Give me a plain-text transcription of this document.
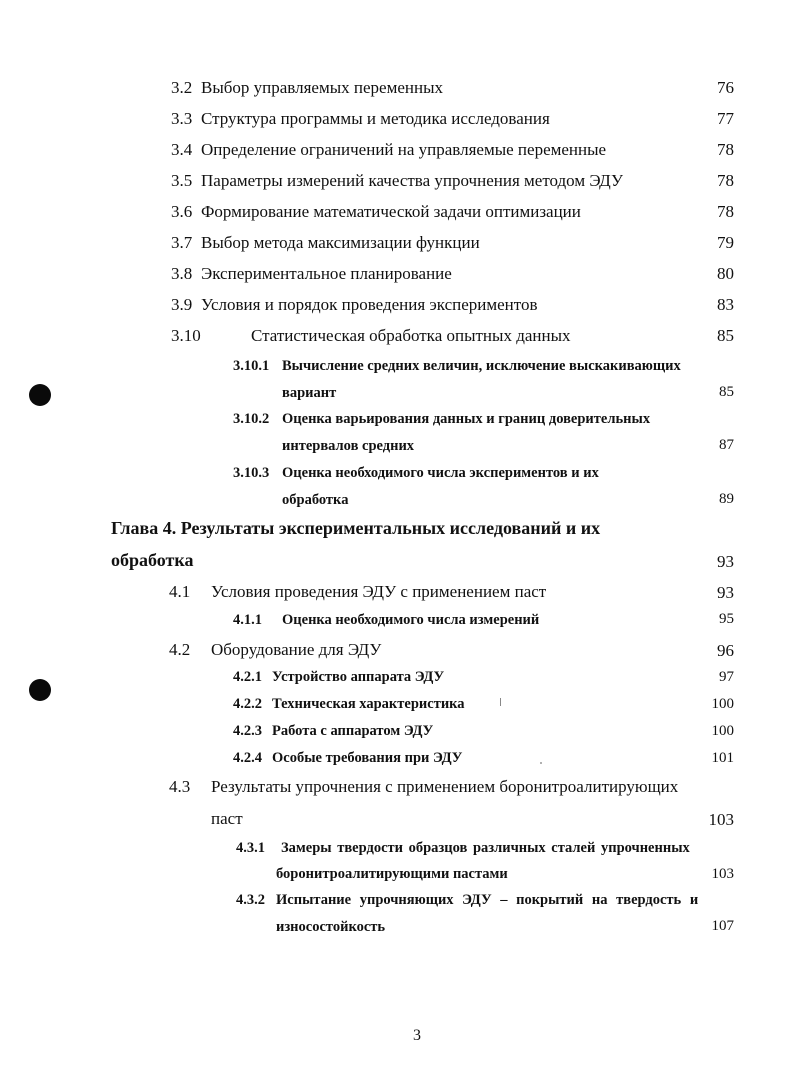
3.2 Выбор управляемых переменных	76
3.3 Структура программы и методика исследования	77
3.4 Определение ограничений на управляемые переменные	78
3.5 Параметры измерений качества упрочнения методом ЭДУ	78
3.6 Формирование математической задачи оптимизации	78
3.7 Выбор метода максимизации функции	79
3.8 Экспериментальное планирование	80
3.9 Условия и порядок проведения экспериментов	83
3.10	Статистическая обработка опытных данных	85
3.10.1 Вычисление средних величин, исключение выскакивающих
вариант	85
3.10.2 Оценка варьирования данных и границ доверительных
интервалов средних	87
3.10.3 Оценка необходимого числа экспериментов и их
обработка	89
Глава 4. Результаты экспериментальных исследований и их
обработка	93
4.1 Условия проведения ЭДУ с применением паст	93
4.1.1 Оценка необходимого числа измерений	95
4.2 Оборудование для ЭДУ	96
4.2.1 Устройство аппарата ЭДУ	97
4.2.2 Техническая характеристика	100
4.2.3 Работа с аппаратом ЭДУ	100
4.2.4 Особые требования при ЭДУ	101
4.3 Результаты упрочнения с применением боронитроалитирующих
паст	103
4.3.1 Замеры твердости образцов различных сталей упрочненных
боронитроалитирующими пастами	103
4.3.2 Испытание упрочняющих ЭДУ – покрытий на твердость и
износостойкость	107
3
